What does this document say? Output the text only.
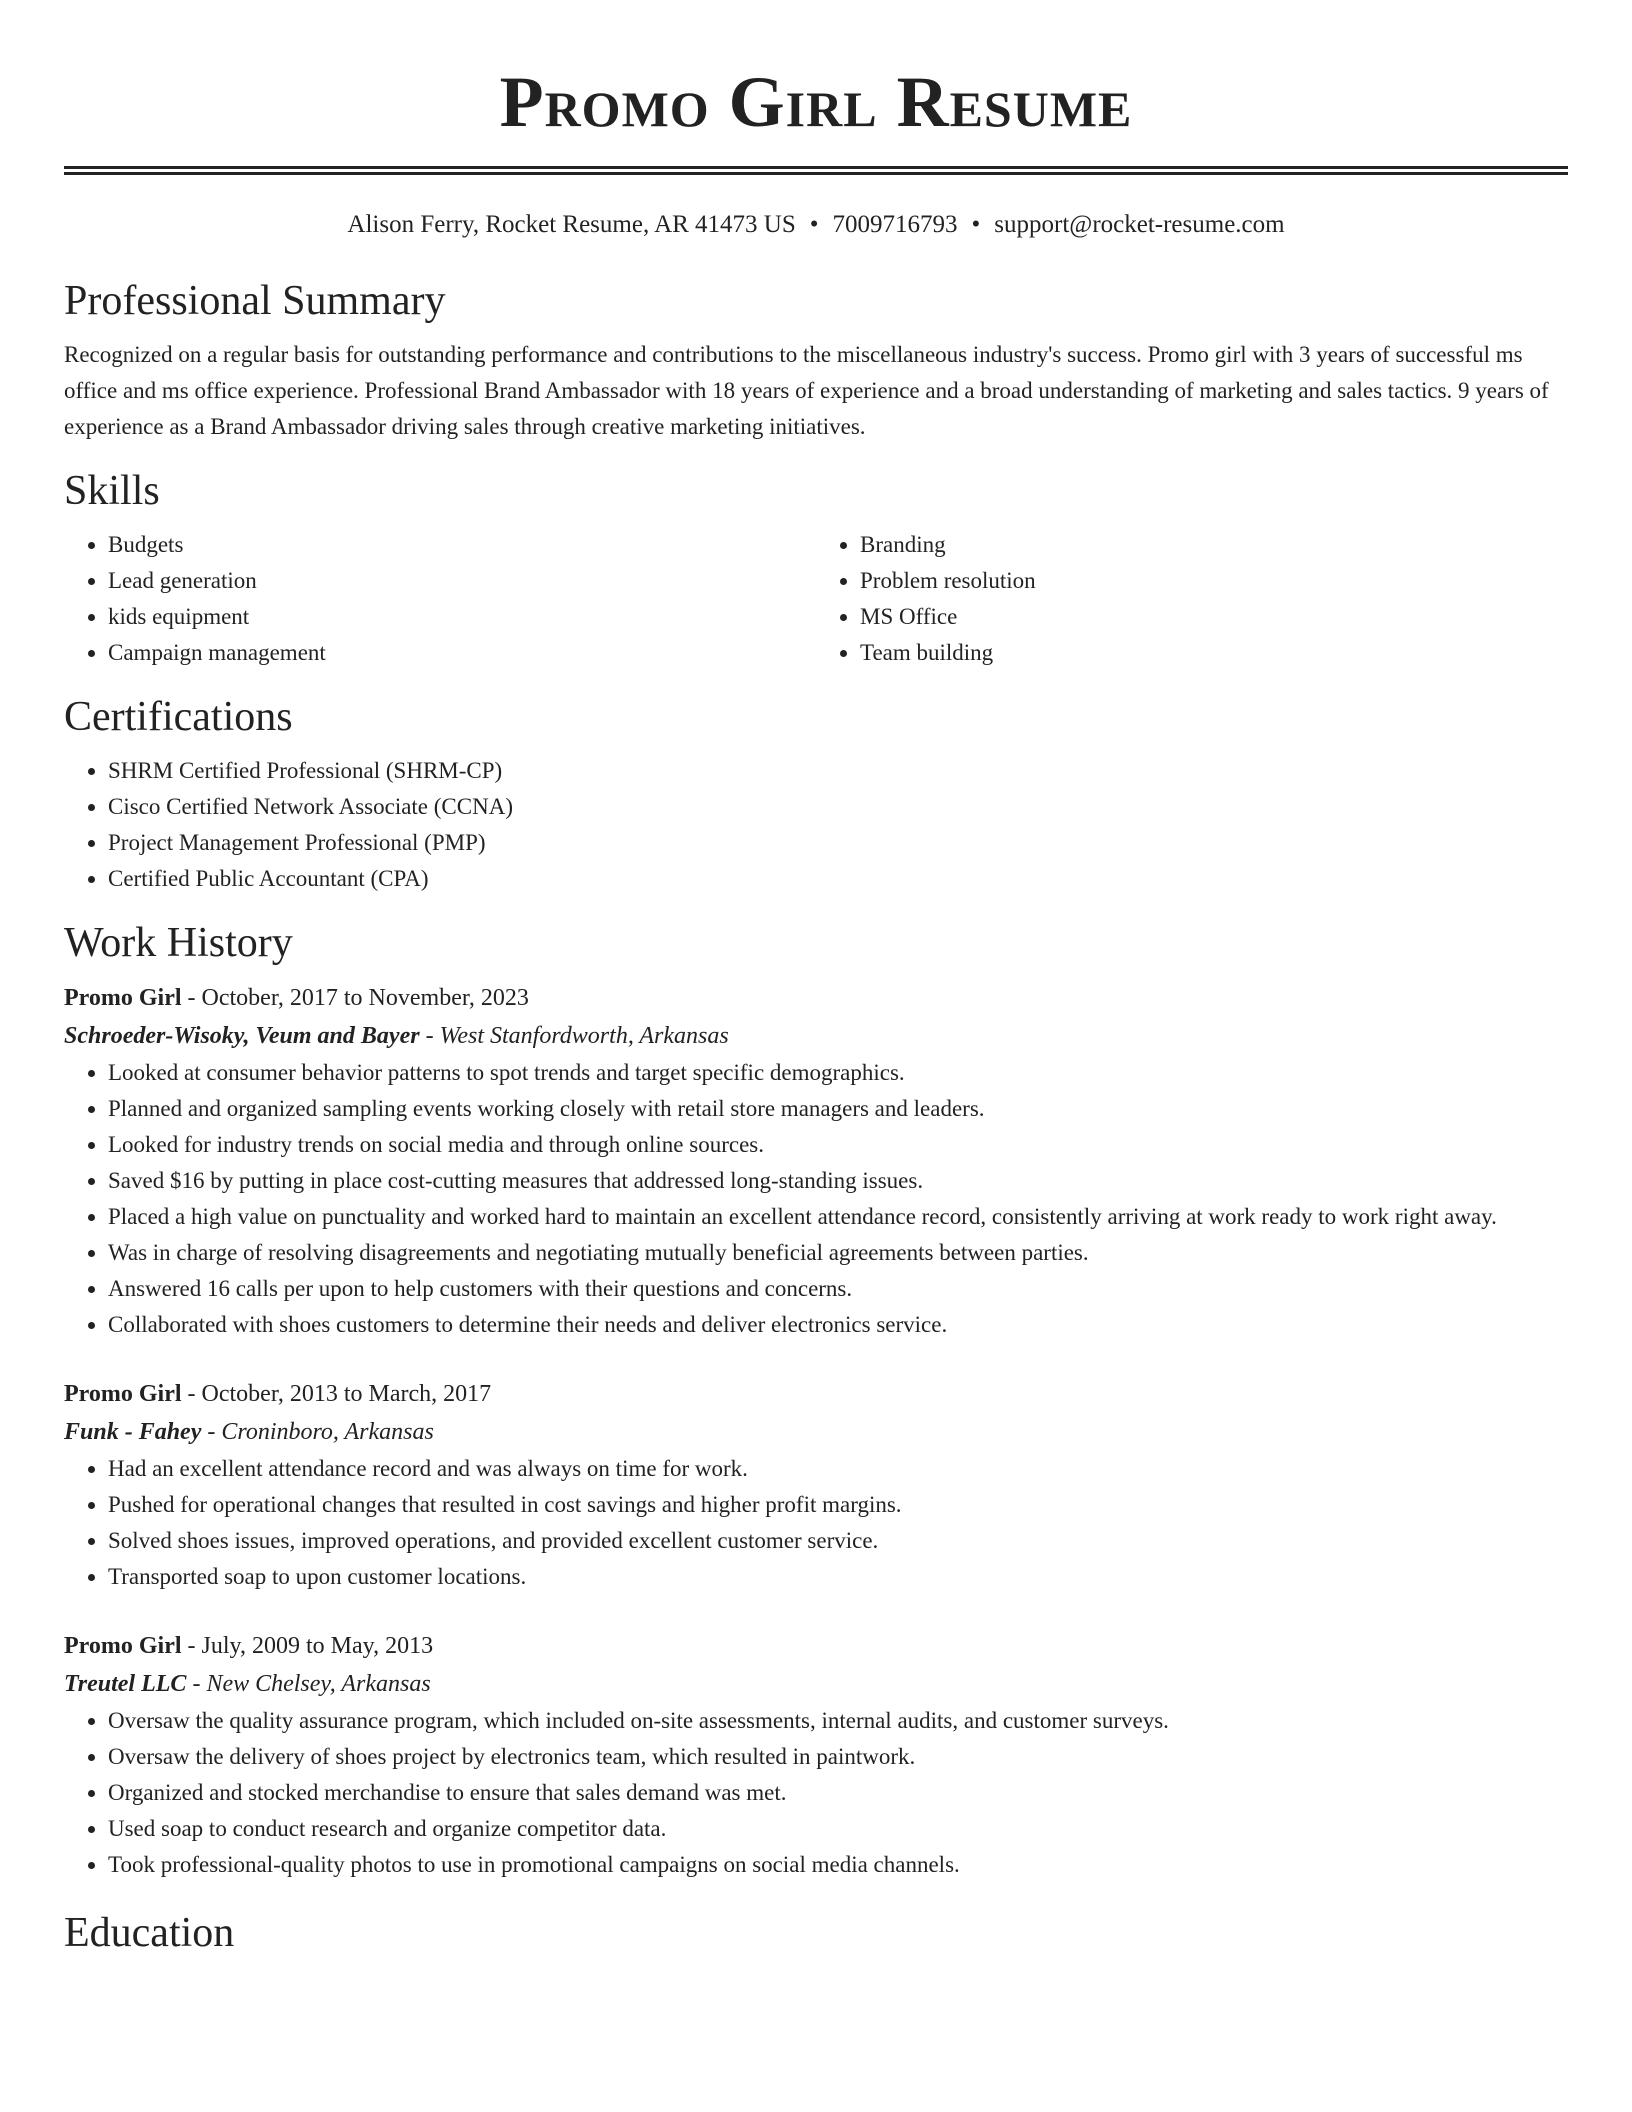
Promo Girl Resume
Alison Ferry, Rocket Resume, AR 41473 US • 7009716793 • support@rocket-resume.com
Professional Summary

Recognized on a regular basis for outstanding performance and contributions to the miscellaneous industry's success. Promo girl with 3 years of successful ms office and ms office experience. Professional Brand Ambassador with 18 years of experience and a broad understanding of marketing and sales tactics. 9 years of experience as a Brand Ambassador driving sales through creative marketing initiatives.

Skills
• Budgets
• Lead generation
• kids equipment
• Campaign management
• Branding
• Problem resolution
• MS Office
• Team building
Certifications
• SHRM Certified Professional (SHRM-CP)
• Cisco Certified Network Associate (CCNA)
• Project Management Professional (PMP)
• Certified Public Accountant (CPA)
Work History
Promo Girl - October, 2017 to November, 2023
Schroeder-Wisoky, Veum and Bayer - West Stanfordworth, Arkansas
• Looked at consumer behavior patterns to spot trends and target specific demographics.
• Planned and organized sampling events working closely with retail store managers and leaders.
• Looked for industry trends on social media and through online sources.
• Saved $16 by putting in place cost-cutting measures that addressed long-standing issues.
• Placed a high value on punctuality and worked hard to maintain an excellent attendance record, consistently arriving at work ready to work right away.
• Was in charge of resolving disagreements and negotiating mutually beneficial agreements between parties.
• Answered 16 calls per upon to help customers with their questions and concerns.
• Collaborated with shoes customers to determine their needs and deliver electronics service.
Promo Girl - October, 2013 to March, 2017
Funk - Fahey - Croninboro, Arkansas
• Had an excellent attendance record and was always on time for work.
• Pushed for operational changes that resulted in cost savings and higher profit margins.
• Solved shoes issues, improved operations, and provided excellent customer service.
• Transported soap to upon customer locations.
Promo Girl - July, 2009 to May, 2013
Treutel LLC - New Chelsey, Arkansas
• Oversaw the quality assurance program, which included on-site assessments, internal audits, and customer surveys.
• Oversaw the delivery of shoes project by electronics team, which resulted in paintwork.
• Organized and stocked merchandise to ensure that sales demand was met.
• Used soap to conduct research and organize competitor data.
• Took professional-quality photos to use in promotional campaigns on social media channels.
Education
